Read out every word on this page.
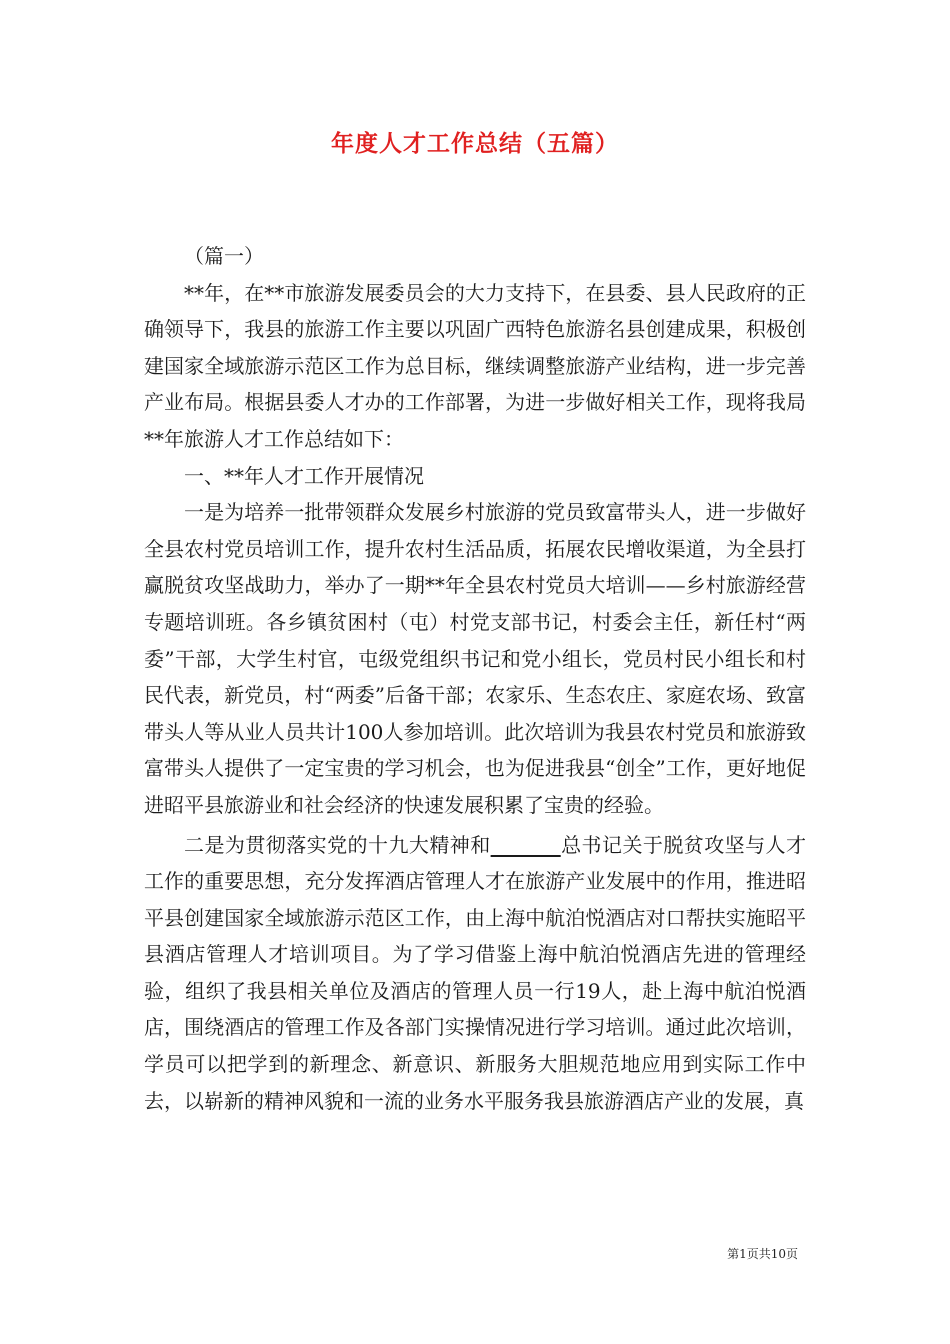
年度人才工作总结（五篇）

（篇一）

**年，在**市旅游发展委员会的大力支持下，在县委、县人民政府的正确领导下，我县的旅游工作主要以巩固广西特色旅游名县创建成果，积极创建国家全域旅游示范区工作为总目标，继续调整旅游产业结构，进一步完善产业布局。根据县委人才办的工作部署，为进一步做好相关工作，现将我局**年旅游人才工作总结如下：

一、**年人才工作开展情况

一是为培养一批带领群众发展乡村旅游的党员致富带头人，进一步做好全县农村党员培训工作，提升农村生活品质，拓展农民增收渠道，为全县打赢脱贫攻坚战助力，举办了一期**年全县农村党员大培训——乡村旅游经营专题培训班。各乡镇贫困村（屯）村党支部书记，村委会主任，新任村“两委”干部，大学生村官，屯级党组织书记和党小组长，党员村民小组长和村民代表，新党员，村“两委”后备干部；农家乐、生态农庄、家庭农场、致富带头人等从业人员共计100人参加培训。此次培训为我县农村党员和旅游致富带头人提供了一定宝贵的学习机会，也为促进我县“创全”工作，更好地促进昭平县旅游业和社会经济的快速发展积累了宝贵的经验。

二是为贯彻落实党的十九大精神和_______总书记关于脱贫攻坚与人才工作的重要思想，充分发挥酒店管理人才在旅游产业发展中的作用，推进昭平县创建国家全域旅游示范区工作，由上海中航泊悦酒店对口帮扶实施昭平县酒店管理人才培训项目。为了学习借鉴上海中航泊悦酒店先进的管理经验，组织了我县相关单位及酒店的管理人员一行19人，赴上海中航泊悦酒店，围绕酒店的管理工作及各部门实操情况进行学习培训。通过此次培训，学员可以把学到的新理念、新意识、新服务大胆规范地应用到实际工作中去，以崭新的精神风貌和一流的业务水平服务我县旅游酒店产业的发展，真

第1页共10页
